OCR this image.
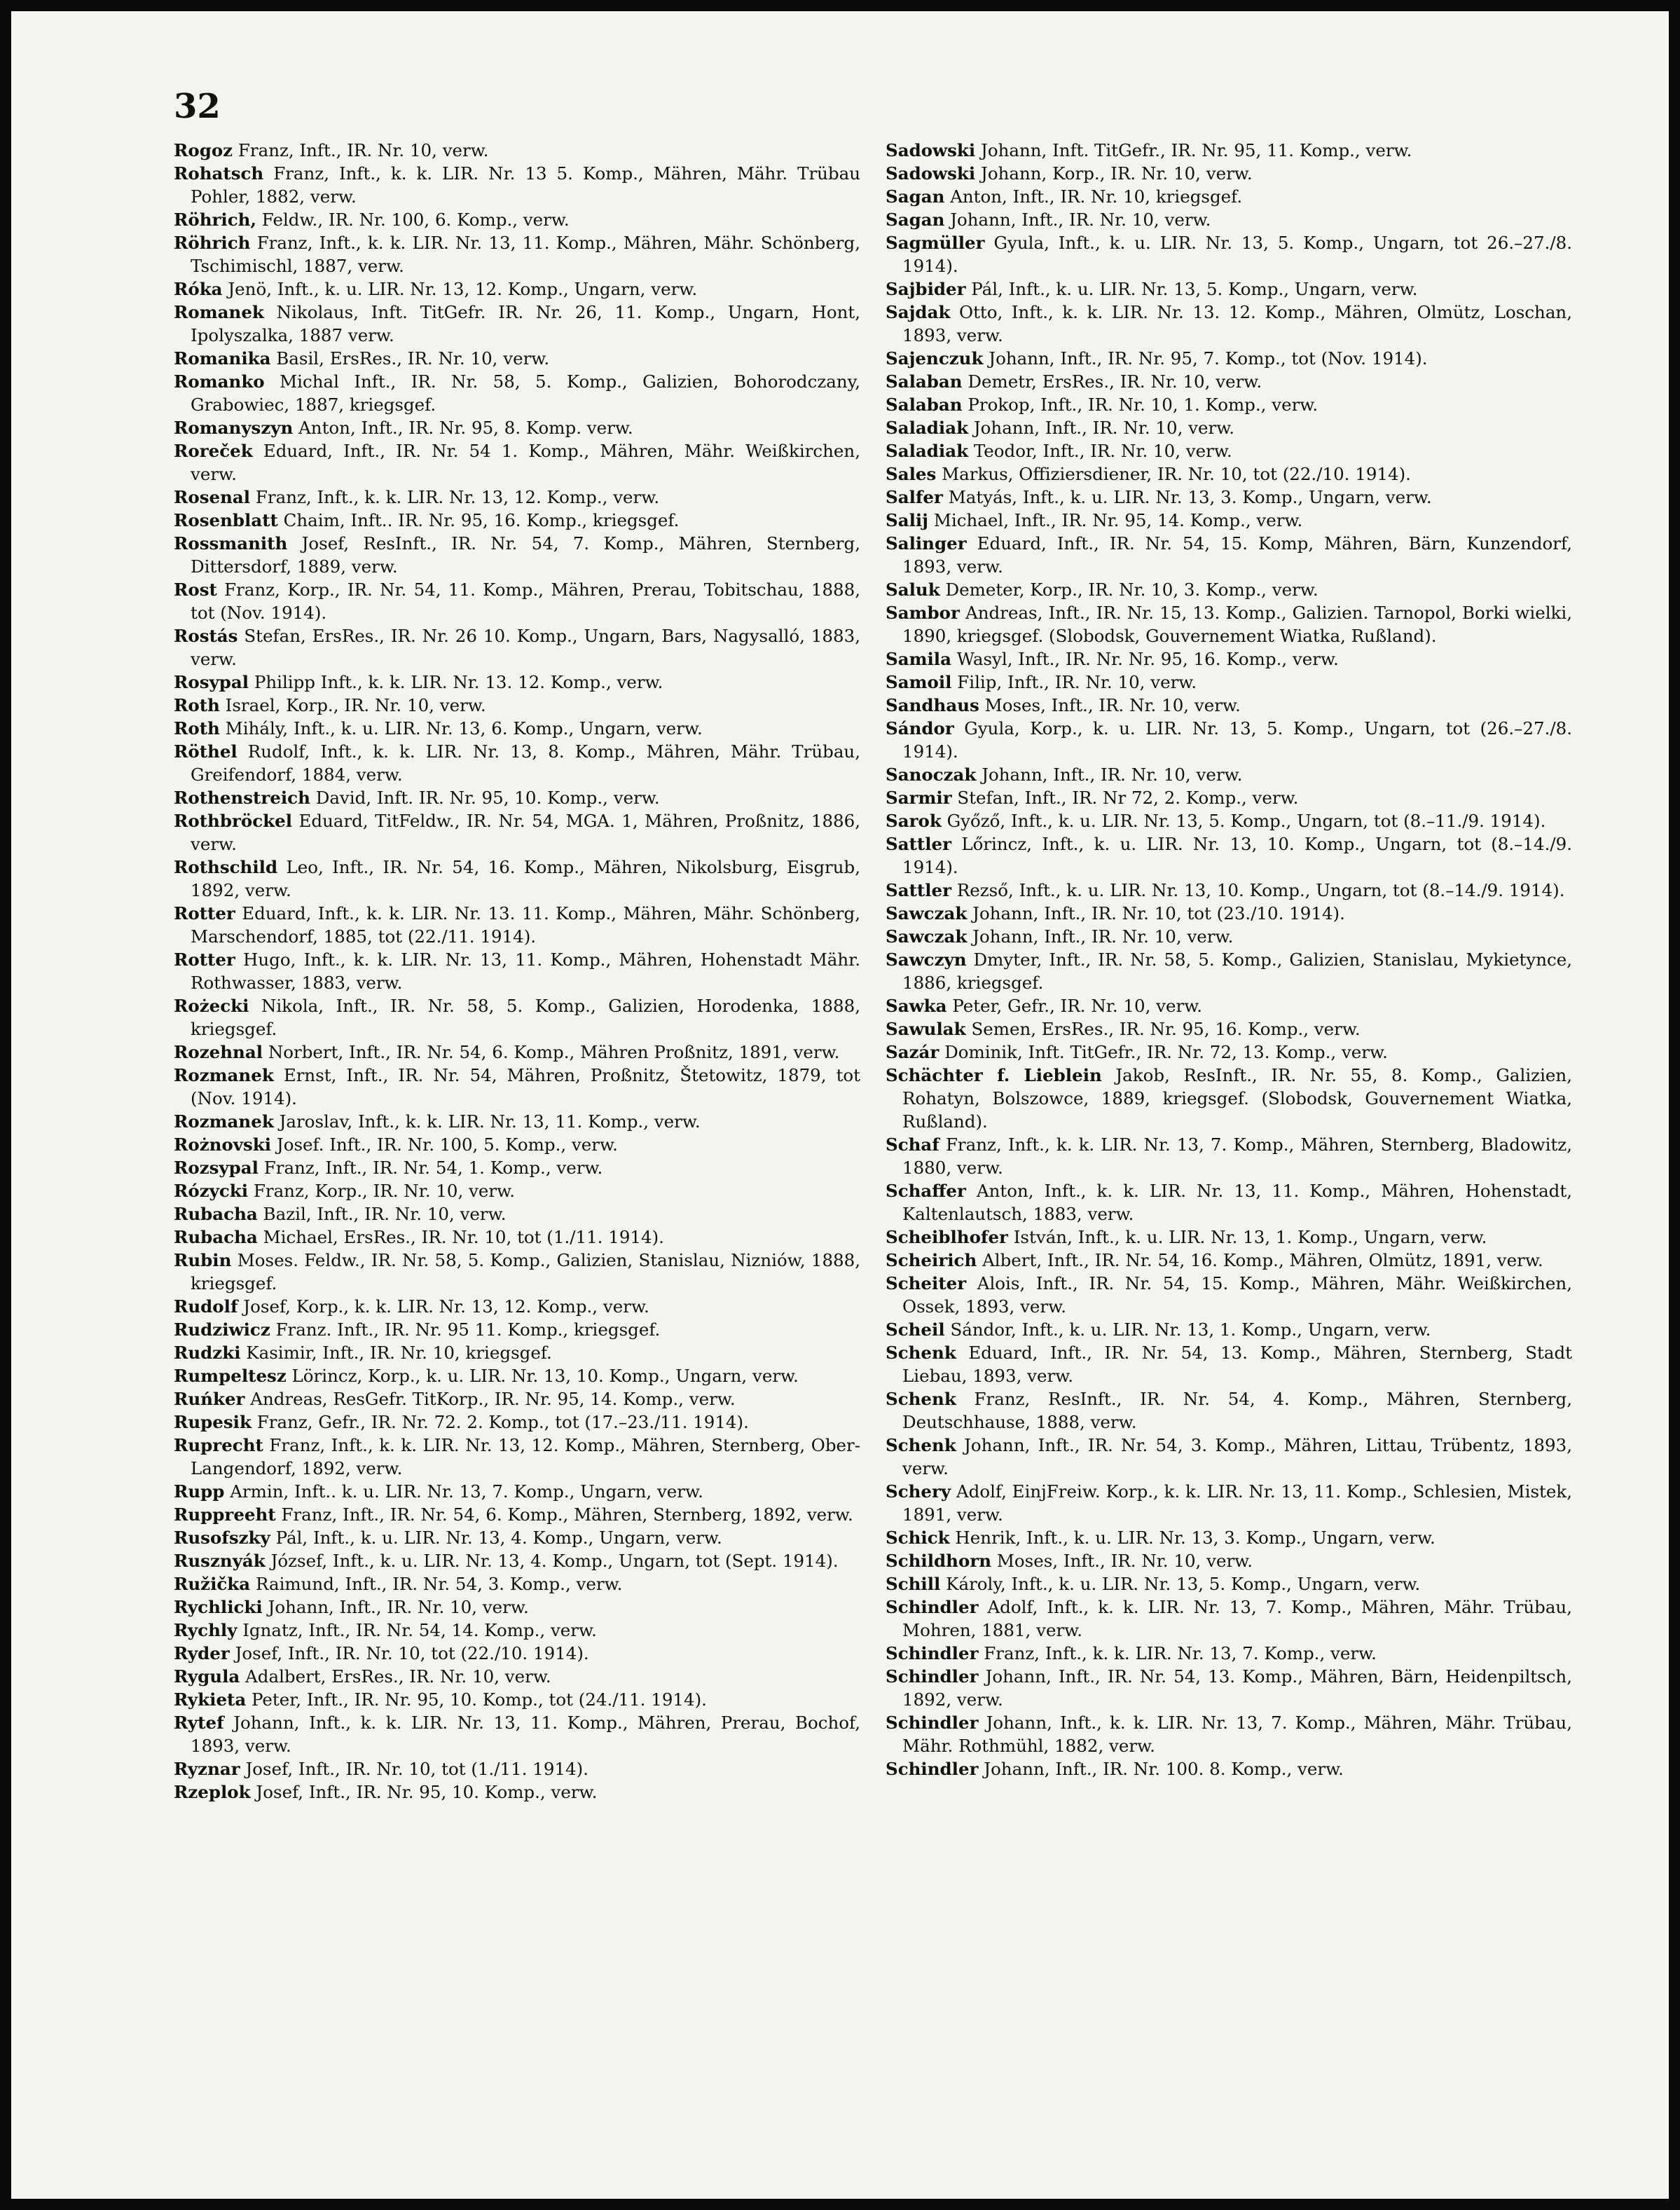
32
Rogoz Franz, Inft., IR. Nr. 10, verw.
Rohatsch Franz, Inft., k. k. LIR. Nr. 13 5. Komp., Mähren, Mähr. Trübau Pohler, 1882, verw.
Röhrich, Feldw., IR. Nr. 100, 6. Komp., verw.
Röhrich Franz, Inft., k. k. LIR. Nr. 13, 11. Komp., Mähren, Mähr. Schönberg, Tschimischl, 1887, verw.
Róka Jenö, Inft., k. u. LIR. Nr. 13, 12. Komp., Ungarn, verw.
Romanek Nikolaus, Inft. TitGefr. IR. Nr. 26, 11. Komp., Ungarn, Hont, Ipolyszalka, 1887 verw.
Romanika Basil, ErsRes., IR. Nr. 10, verw.
Romanko Michal Inft., IR. Nr. 58, 5. Komp., Galizien, Bohorodczany, Grabowiec, 1887, kriegsgef.
Romanyszyn Anton, Inft., IR. Nr. 95, 8. Komp. verw.
Roreček Eduard, Inft., IR. Nr. 54 1. Komp., Mähren, Mähr. Weißkirchen, verw.
Rosenal Franz, Inft., k. k. LIR. Nr. 13, 12. Komp., verw.
Rosenblatt Chaim, Inft.. IR. Nr. 95, 16. Komp., kriegsgef.
Rossmanith Josef, ResInft., IR. Nr. 54, 7. Komp., Mähren, Sternberg, Dittersdorf, 1889, verw.
Rost Franz, Korp., IR. Nr. 54, 11. Komp., Mähren, Prerau, Tobitschau, 1888, tot (Nov. 1914).
Rostás Stefan, ErsRes., IR. Nr. 26 10. Komp., Ungarn, Bars, Nagysalló, 1883, verw.
Rosypal Philipp Inft., k. k. LIR. Nr. 13. 12. Komp., verw.
Roth Israel, Korp., IR. Nr. 10, verw.
Roth Mihály, Inft., k. u. LIR. Nr. 13, 6. Komp., Ungarn, verw.
Röthel Rudolf, Inft., k. k. LIR. Nr. 13, 8. Komp., Mähren, Mähr. Trübau, Greifendorf, 1884, verw.
Rothenstreich David, Inft. IR. Nr. 95, 10. Komp., verw.
Rothbröckel Eduard, TitFeldw., IR. Nr. 54, MGA. 1, Mähren, Proßnitz, 1886, verw.
Rothschild Leo, Inft., IR. Nr. 54, 16. Komp., Mähren, Nikolsburg, Eisgrub, 1892, verw.
Rotter Eduard, Inft., k. k. LIR. Nr. 13. 11. Komp., Mähren, Mähr. Schönberg, Marschendorf, 1885, tot (22./11. 1914).
Rotter Hugo, Inft., k. k. LIR. Nr. 13, 11. Komp., Mähren, Hohenstadt Mähr. Rothwasser, 1883, verw.
Rożecki Nikola, Inft., IR. Nr. 58, 5. Komp., Galizien, Horodenka, 1888, kriegsgef.
Rozehnal Norbert, Inft., IR. Nr. 54, 6. Komp., Mähren Proßnitz, 1891, verw.
Rozmanek Ernst, Inft., IR. Nr. 54, Mähren, Proßnitz, Štetowitz, 1879, tot (Nov. 1914).
Rozmanek Jaroslav, Inft., k. k. LIR. Nr. 13, 11. Komp., verw.
Rożnovski Josef. Inft., IR. Nr. 100, 5. Komp., verw.
Rozsypal Franz, Inft., IR. Nr. 54, 1. Komp., verw.
Rózycki Franz, Korp., IR. Nr. 10, verw.
Rubacha Bazil, Inft., IR. Nr. 10, verw.
Rubacha Michael, ErsRes., IR. Nr. 10, tot (1./11. 1914).
Rubin Moses. Feldw., IR. Nr. 58, 5. Komp., Galizien, Stanislau, Nizniów, 1888, kriegsgef.
Rudolf Josef, Korp., k. k. LIR. Nr. 13, 12. Komp., verw.
Rudziwicz Franz. Inft., IR. Nr. 95 11. Komp., kriegsgef.
Rudzki Kasimir, Inft., IR. Nr. 10, kriegsgef.
Rumpeltesz Lörincz, Korp., k. u. LIR. Nr. 13, 10. Komp., Ungarn, verw.
Ruńker Andreas, ResGefr. TitKorp., IR. Nr. 95, 14. Komp., verw.
Rupesik Franz, Gefr., IR. Nr. 72. 2. Komp., tot (17.–23./11. 1914).
Ruprecht Franz, Inft., k. k. LIR. Nr. 13, 12. Komp., Mähren, Sternberg, Ober-Langendorf, 1892, verw.
Rupp Armin, Inft.. k. u. LIR. Nr. 13, 7. Komp., Ungarn, verw.
Ruppreeht Franz, Inft., IR. Nr. 54, 6. Komp., Mähren, Sternberg, 1892, verw.
Rusofszky Pál, Inft., k. u. LIR. Nr. 13, 4. Komp., Ungarn, verw.
Rusznyák József, Inft., k. u. LIR. Nr. 13, 4. Komp., Ungarn, tot (Sept. 1914).
Ružička Raimund, Inft., IR. Nr. 54, 3. Komp., verw.
Rychlicki Johann, Inft., IR. Nr. 10, verw.
Rychly Ignatz, Inft., IR. Nr. 54, 14. Komp., verw.
Ryder Josef, Inft., IR. Nr. 10, tot (22./10. 1914).
Rygula Adalbert, ErsRes., IR. Nr. 10, verw.
Rykieta Peter, Inft., IR. Nr. 95, 10. Komp., tot (24./11. 1914).
Rytef Johann, Inft., k. k. LIR. Nr. 13, 11. Komp., Mähren, Prerau, Bochof, 1893, verw.
Ryznar Josef, Inft., IR. Nr. 10, tot (1./11. 1914).
Rzeplok Josef, Inft., IR. Nr. 95, 10. Komp., verw.
Sadowski Johann, Inft. TitGefr., IR. Nr. 95, 11. Komp., verw.
Sadowski Johann, Korp., IR. Nr. 10, verw.
Sagan Anton, Inft., IR. Nr. 10, kriegsgef.
Sagan Johann, Inft., IR. Nr. 10, verw.
Sagmüller Gyula, Inft., k. u. LIR. Nr. 13, 5. Komp., Ungarn, tot 26.–27./8. 1914).
Sajbider Pál, Inft., k. u. LIR. Nr. 13, 5. Komp., Ungarn, verw.
Sajdak Otto, Inft., k. k. LIR. Nr. 13. 12. Komp., Mähren, Olmütz, Loschan, 1893, verw.
Sajenczuk Johann, Inft., IR. Nr. 95, 7. Komp., tot (Nov. 1914).
Salaban Demetr, ErsRes., IR. Nr. 10, verw.
Salaban Prokop, Inft., IR. Nr. 10, 1. Komp., verw.
Saladiak Johann, Inft., IR. Nr. 10, verw.
Saladiak Teodor, Inft., IR. Nr. 10, verw.
Sales Markus, Offiziersdiener, IR. Nr. 10, tot (22./10. 1914).
Salfer Matyás, Inft., k. u. LIR. Nr. 13, 3. Komp., Ungarn, verw.
Salij Michael, Inft., IR. Nr. 95, 14. Komp., verw.
Salinger Eduard, Inft., IR. Nr. 54, 15. Komp, Mähren, Bärn, Kunzendorf, 1893, verw.
Saluk Demeter, Korp., IR. Nr. 10, 3. Komp., verw.
Sambor Andreas, Inft., IR. Nr. 15, 13. Komp., Galizien. Tarnopol, Borki wielki, 1890, kriegsgef. (Slobodsk, Gouvernement Wiatka, Rußland).
Samila Wasyl, Inft., IR. Nr. Nr. 95, 16. Komp., verw.
Samoil Filip, Inft., IR. Nr. 10, verw.
Sandhaus Moses, Inft., IR. Nr. 10, verw.
Sándor Gyula, Korp., k. u. LIR. Nr. 13, 5. Komp., Ungarn, tot (26.–27./8. 1914).
Sanoczak Johann, Inft., IR. Nr. 10, verw.
Sarmir Stefan, Inft., IR. Nr 72, 2. Komp., verw.
Sarok Győző, Inft., k. u. LIR. Nr. 13, 5. Komp., Ungarn, tot (8.–11./9. 1914).
Sattler Lőrincz, Inft., k. u. LIR. Nr. 13, 10. Komp., Ungarn, tot (8.–14./9. 1914).
Sattler Rezső, Inft., k. u. LIR. Nr. 13, 10. Komp., Ungarn, tot (8.–14./9. 1914).
Sawczak Johann, Inft., IR. Nr. 10, tot (23./10. 1914).
Sawczak Johann, Inft., IR. Nr. 10, verw.
Sawczyn Dmyter, Inft., IR. Nr. 58, 5. Komp., Galizien, Stanislau, Mykietynce, 1886, kriegsgef.
Sawka Peter, Gefr., IR. Nr. 10, verw.
Sawulak Semen, ErsRes., IR. Nr. 95, 16. Komp., verw.
Sazár Dominik, Inft. TitGefr., IR. Nr. 72, 13. Komp., verw.
Schächter f. Lieblein Jakob, ResInft., IR. Nr. 55, 8. Komp., Galizien, Rohatyn, Bolszowce, 1889, kriegsgef. (Slobodsk, Gouvernement Wiatka, Rußland).
Schaf Franz, Inft., k. k. LIR. Nr. 13, 7. Komp., Mähren, Sternberg, Bladowitz, 1880, verw.
Schaffer Anton, Inft., k. k. LIR. Nr. 13, 11. Komp., Mähren, Hohenstadt, Kaltenlautsch, 1883, verw.
Scheiblhofer István, Inft., k. u. LIR. Nr. 13, 1. Komp., Ungarn, verw.
Scheirich Albert, Inft., IR. Nr. 54, 16. Komp., Mähren, Olmütz, 1891, verw.
Scheiter Alois, Inft., IR. Nr. 54, 15. Komp., Mähren, Mähr. Weißkirchen, Ossek, 1893, verw.
Scheil Sándor, Inft., k. u. LIR. Nr. 13, 1. Komp., Ungarn, verw.
Schenk Eduard, Inft., IR. Nr. 54, 13. Komp., Mähren, Sternberg, Stadt Liebau, 1893, verw.
Schenk Franz, ResInft., IR. Nr. 54, 4. Komp., Mähren, Sternberg, Deutschhause, 1888, verw.
Schenk Johann, Inft., IR. Nr. 54, 3. Komp., Mähren, Littau, Trübentz, 1893, verw.
Schery Adolf, EinjFreiw. Korp., k. k. LIR. Nr. 13, 11. Komp., Schlesien, Mistek, 1891, verw.
Schick Henrik, Inft., k. u. LIR. Nr. 13, 3. Komp., Ungarn, verw.
Schildhorn Moses, Inft., IR. Nr. 10, verw.
Schill Károly, Inft., k. u. LIR. Nr. 13, 5. Komp., Ungarn, verw.
Schindler Adolf, Inft., k. k. LIR. Nr. 13, 7. Komp., Mähren, Mähr. Trübau, Mohren, 1881, verw.
Schindler Franz, Inft., k. k. LIR. Nr. 13, 7. Komp., verw.
Schindler Johann, Inft., IR. Nr. 54, 13. Komp., Mähren, Bärn, Heidenpiltsch, 1892, verw.
Schindler Johann, Inft., k. k. LIR. Nr. 13, 7. Komp., Mähren, Mähr. Trübau, Mähr. Rothmühl, 1882, verw.
Schindler Johann, Inft., IR. Nr. 100. 8. Komp., verw.
